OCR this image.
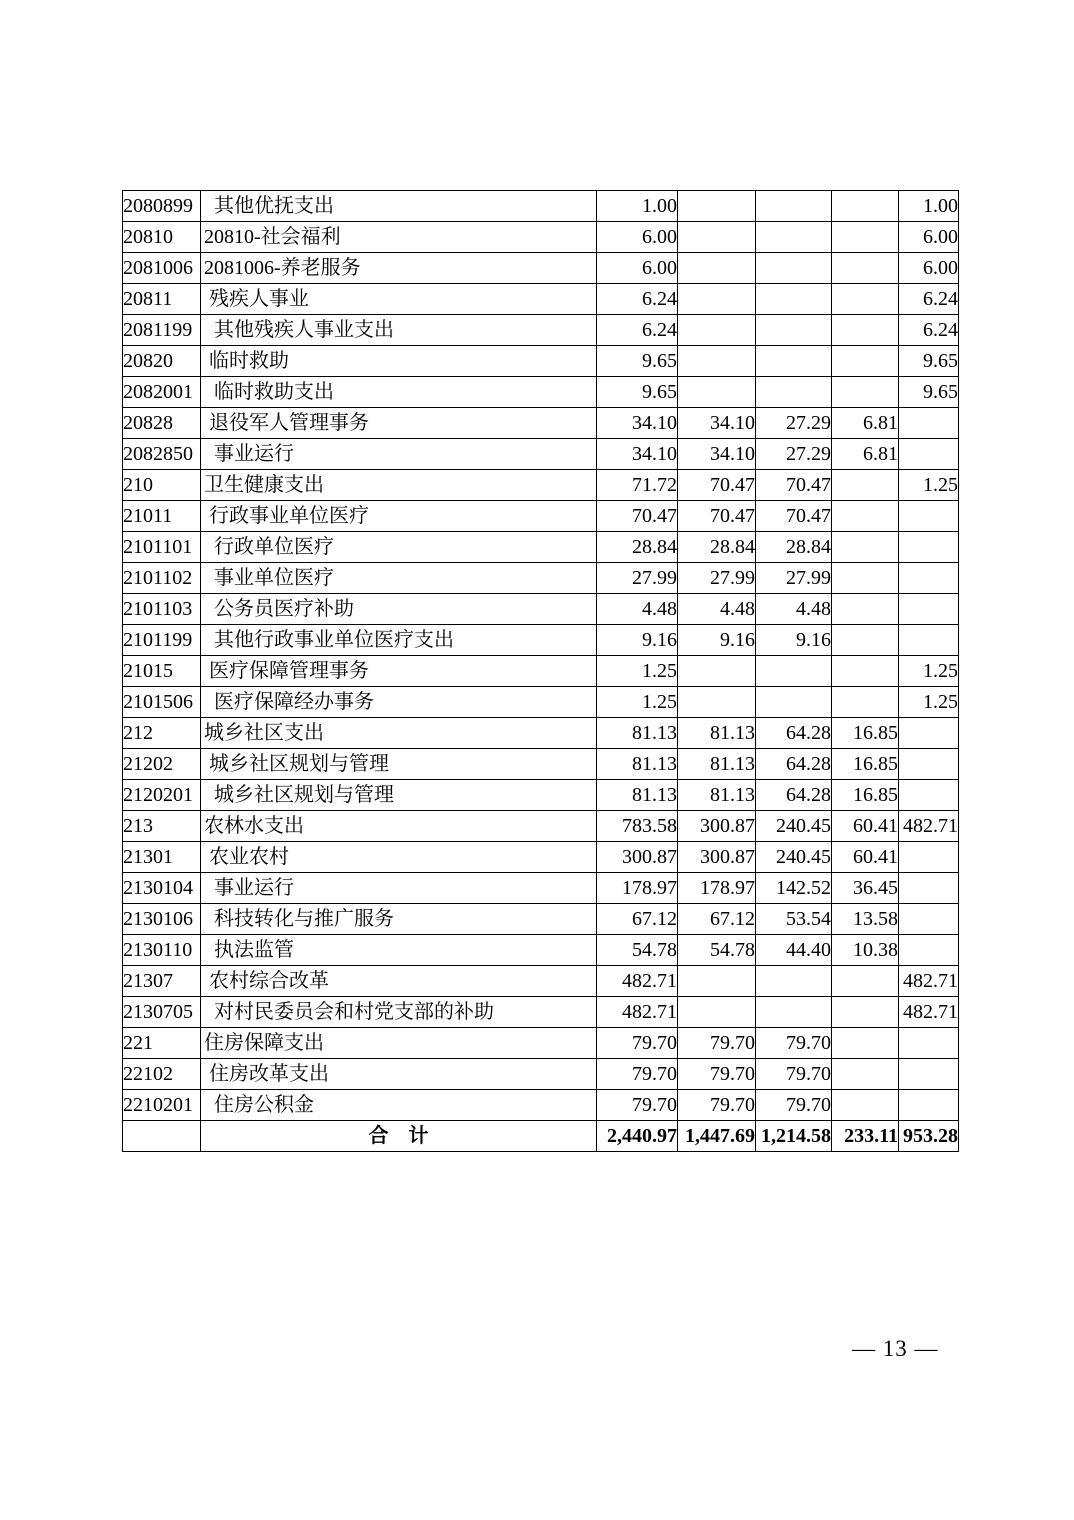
2080899	其他优抚支出	1.00				1.00
20810	20810-社会福利	6.00				6.00
2081006	2081006-养老服务	6.00				6.00
20811	残疾人事业	6.24				6.24
2081199	其他残疾人事业支出	6.24				6.24
20820	临时救助	9.65				9.65
2082001	临时救助支出	9.65				9.65
20828	退役军人管理事务	34.10	34.10	27.29	6.81	
2082850	事业运行	34.10	34.10	27.29	6.81	
210	卫生健康支出	71.72	70.47	70.47		1.25
21011	行政事业单位医疗	70.47	70.47	70.47		
2101101	行政单位医疗	28.84	28.84	28.84		
2101102	事业单位医疗	27.99	27.99	27.99		
2101103	公务员医疗补助	4.48	4.48	4.48		
2101199	其他行政事业单位医疗支出	9.16	9.16	9.16		
21015	医疗保障管理事务	1.25				1.25
2101506	医疗保障经办事务	1.25				1.25
212	城乡社区支出	81.13	81.13	64.28	16.85	
21202	城乡社区规划与管理	81.13	81.13	64.28	16.85	
2120201	城乡社区规划与管理	81.13	81.13	64.28	16.85	
213	农林水支出	783.58	300.87	240.45	60.41	482.71
21301	农业农村	300.87	300.87	240.45	60.41	
2130104	事业运行	178.97	178.97	142.52	36.45	
2130106	科技转化与推广服务	67.12	67.12	53.54	13.58	
2130110	执法监管	54.78	54.78	44.40	10.38	
21307	农村综合改革	482.71				482.71
2130705	对村民委员会和村党支部的补助	482.71				482.71
221	住房保障支出	79.70	79.70	79.70		
22102	住房改革支出	79.70	79.70	79.70		
2210201	住房公积金	79.70	79.70	79.70		
	合　计	2,440.97	1,447.69	1,214.58	233.11	953.28
— 13 —
